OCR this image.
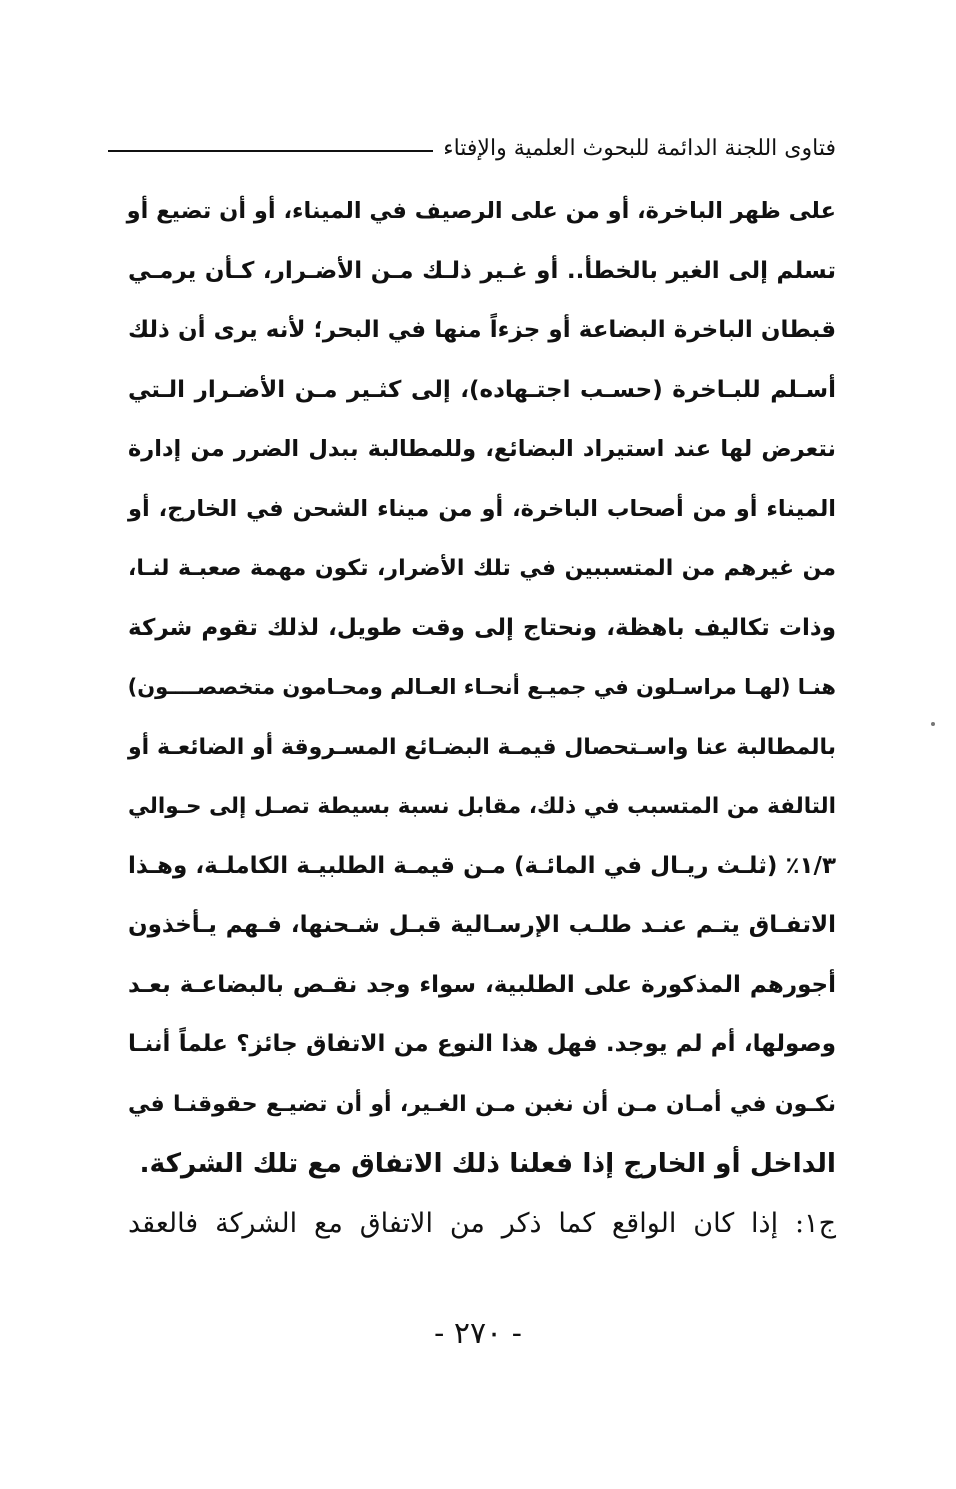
فتاوى اللجنة الدائمة للبحوث العلمية والإفتاء
على ظهر الباخرة، أو من على الرصيف في الميناء، أو أن تضيع أو
تسلم إلى الغير بالخطأ.. أو غـير ذلـك مـن الأضـرار، كـأن يرمـي
قبطان الباخرة البضاعة أو جزءاً منها في البحر؛ لأنه يرى أن ذلك
أسـلم للبـاخرة (حسـب اجتـهاده)، إلى كثـير مـن الأضـرار الـتي
نتعرض لها عند استيراد البضائع، وللمطالبة ببدل الضرر من إدارة
الميناء أو من أصحاب الباخرة، أو من ميناء الشحن في الخارج، أو
من غيرهم من المتسببين في تلك الأضرار، تكون مهمة صعبـة لنـا،
وذات تكاليف باهظة، ونحتاج إلى وقت طويل، لذلك تقوم شركة
هنـا (لهـا مراسـلون في جميـع أنحـاء العـالم ومحـامون متخصصــــون)
بالمطالبة عنا واسـتحصال قيمـة البضـائع المسـروقة أو الضائعـة أو
التالفة من المتسبب في ذلك، مقابل نسبة بسيطة تصـل إلى حـوالي
١/٣٪ (ثلـث ريـال في المائـة) مـن قيمـة الطلبيـة الكاملـة، وهـذا
الاتفـاق يتـم عنـد طلـب الإرسـالية قبـل شـحنها، فـهم يـأخذون
أجورهم المذكورة على الطلبية، سواء وجد نقـص بالبضاعـة بعـد
وصولها، أم لم يوجد. فهل هذا النوع من الاتفاق جائز؟ علماً أننـا
نكـون في أمـان مـن أن نغبن مـن الغـير، أو أن تضيـع حقوقنـا في
الداخل أو الخارج إذا فعلنا ذلك الاتفاق مع تلك الشركة.
ج١: إذا كان الواقع كما ذكر من الاتفاق مع الشركة فالعقد
- ٢٧٠ -
